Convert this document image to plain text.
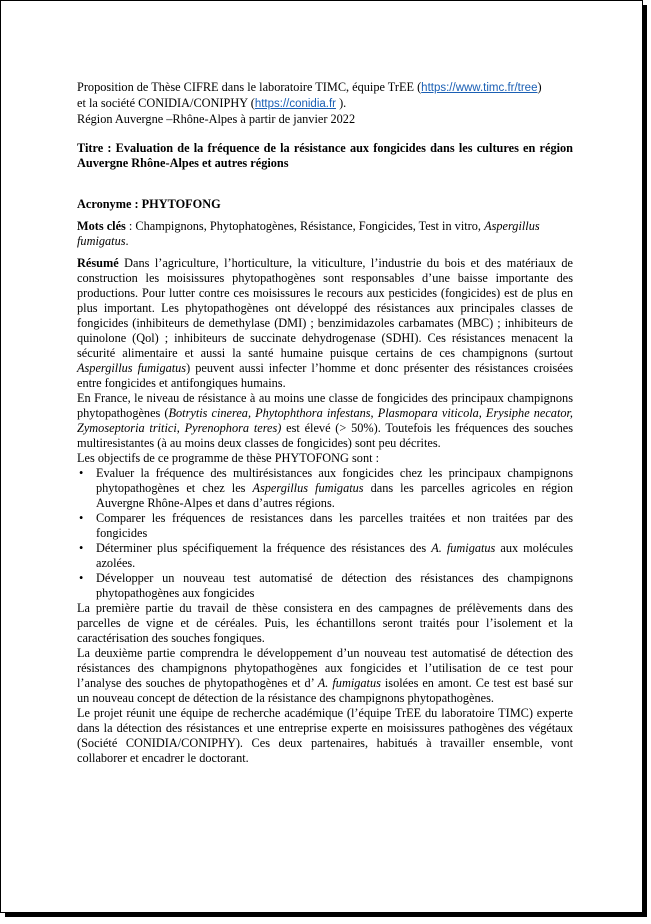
Proposition de Thèse CIFRE dans le laboratoire TIMC, équipe TrEE (https://www.timc.fr/tree)

et la société CONIDIA/CONIPHY (https://conidia.fr ).

Région Auvergne –Rhône-Alpes à partir de janvier 2022

Titre : Evaluation de la fréquence de la résistance aux fongicides dans les cultures en région Auvergne Rhône-Alpes et autres régions

Acronyme : PHYTOFONG

Mots clés : Champignons, Phytophatogènes, Résistance, Fongicides, Test in vitro, Aspergillus fumigatus.

Résumé Dans l’agriculture, l’horticulture, la viticulture, l’industrie du bois et des matériaux de construction les moisissures phytopathogènes sont responsables d’une baisse importante des productions. Pour lutter contre ces moisissures le recours aux pesticides (fongicides) est de plus en plus important. Les phytopathogènes ont développé des résistances aux principales classes de fongicides (inhibiteurs de demethylase (DMI) ; benzimidazoles carbamates (MBC) ; inhibiteurs de quinolone (Qol) ; inhibiteurs de succinate dehydrogenase (SDHI). Ces résistances menacent la sécurité alimentaire et aussi la santé humaine puisque certains de ces champignons (surtout Aspergillus fumigatus) peuvent aussi infecter l’homme et donc présenter des résistances croisées entre fongicides et antifongiques humains.

En France, le niveau de résistance à au moins une classe de fongicides des principaux champignons phytopathogènes (Botrytis cinerea, Phytophthora infestans, Plasmopara viticola, Erysiphe necator, Zymoseptoria tritici, Pyrenophora teres) est élevé (> 50%). Toutefois les fréquences des souches multiresistantes (à au moins deux classes de fongicides) sont peu décrites.

Les objectifs de ce programme de thèse PHYTOFONG sont :

• Evaluer la fréquence des multirésistances aux fongicides chez les principaux champignons phytopathogènes et chez les Aspergillus fumigatus dans les parcelles agricoles en région Auvergne Rhône-Alpes et dans d’autres régions.
• Comparer les fréquences de resistances dans les parcelles traitées et non traitées par des fongicides
• Déterminer plus spécifiquement la fréquence des résistances des A. fumigatus aux molécules azolées.
• Développer un nouveau test automatisé de détection des résistances des champignons phytopathogènes aux fongicides

La première partie du travail de thèse consistera en des campagnes de prélèvements dans des parcelles de vigne et de céréales. Puis, les échantillons seront traités pour l’isolement et la caractérisation des souches fongiques.

La deuxième partie comprendra le développement d’un nouveau test automatisé de détection des résistances des champignons phytopathogènes aux fongicides et l’utilisation de ce test pour l’analyse des souches de phytopathogènes et d’ A. fumigatus isolées en amont. Ce test est basé sur un nouveau concept de détection de la résistance des champignons phytopathogènes.

Le projet réunit une équipe de recherche académique (l’équipe TrEE du laboratoire TIMC) experte dans la détection des résistances et une entreprise experte en moisissures pathogènes des végétaux (Société CONIDIA/CONIPHY). Ces deux partenaires, habitués à travailler ensemble, vont collaborer et encadrer le doctorant.
